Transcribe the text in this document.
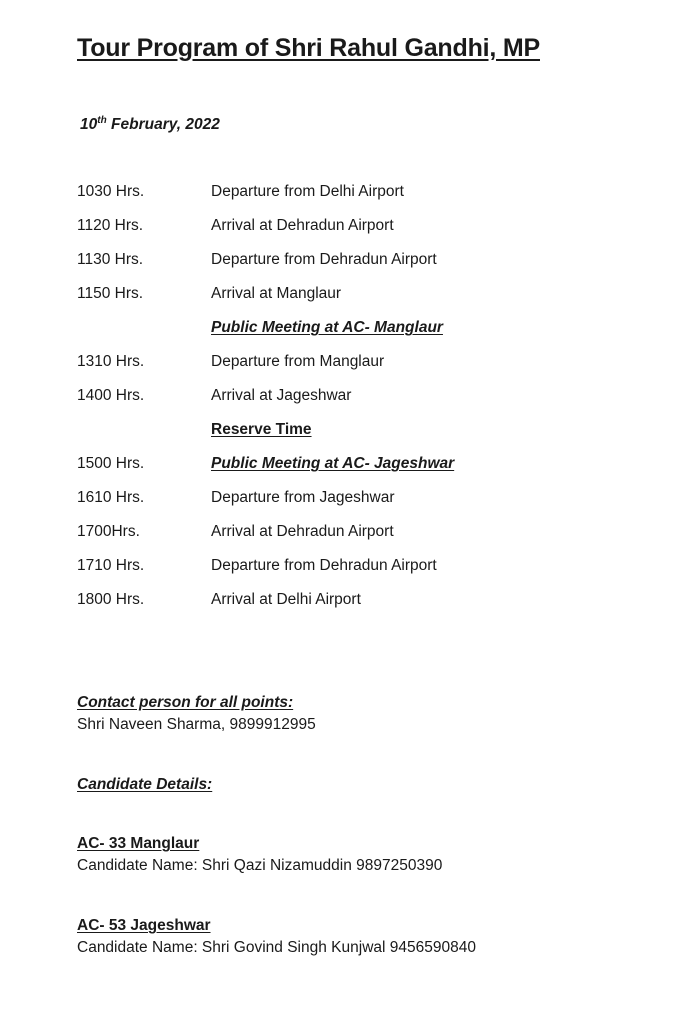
Tour Program of Shri Rahul Gandhi, MP
10th February, 2022
1030 Hrs.	Departure from Delhi Airport
1120 Hrs.	Arrival at Dehradun Airport
1130 Hrs.	Departure from Dehradun Airport
1150 Hrs.	Arrival at Manglaur
Public Meeting at AC- Manglaur
1310 Hrs.	Departure from Manglaur
1400 Hrs.	Arrival at Jageshwar
Reserve Time
1500 Hrs.	Public Meeting at AC- Jageshwar
1610 Hrs.	Departure from Jageshwar
1700Hrs.	Arrival at Dehradun Airport
1710 Hrs.	Departure from Dehradun Airport
1800 Hrs.	Arrival at Delhi Airport
Contact person for all points:
Shri Naveen Sharma, 9899912995
Candidate Details:
AC- 33 Manglaur
Candidate Name: Shri Qazi Nizamuddin 9897250390
AC- 53 Jageshwar
Candidate Name: Shri Govind Singh Kunjwal 9456590840
